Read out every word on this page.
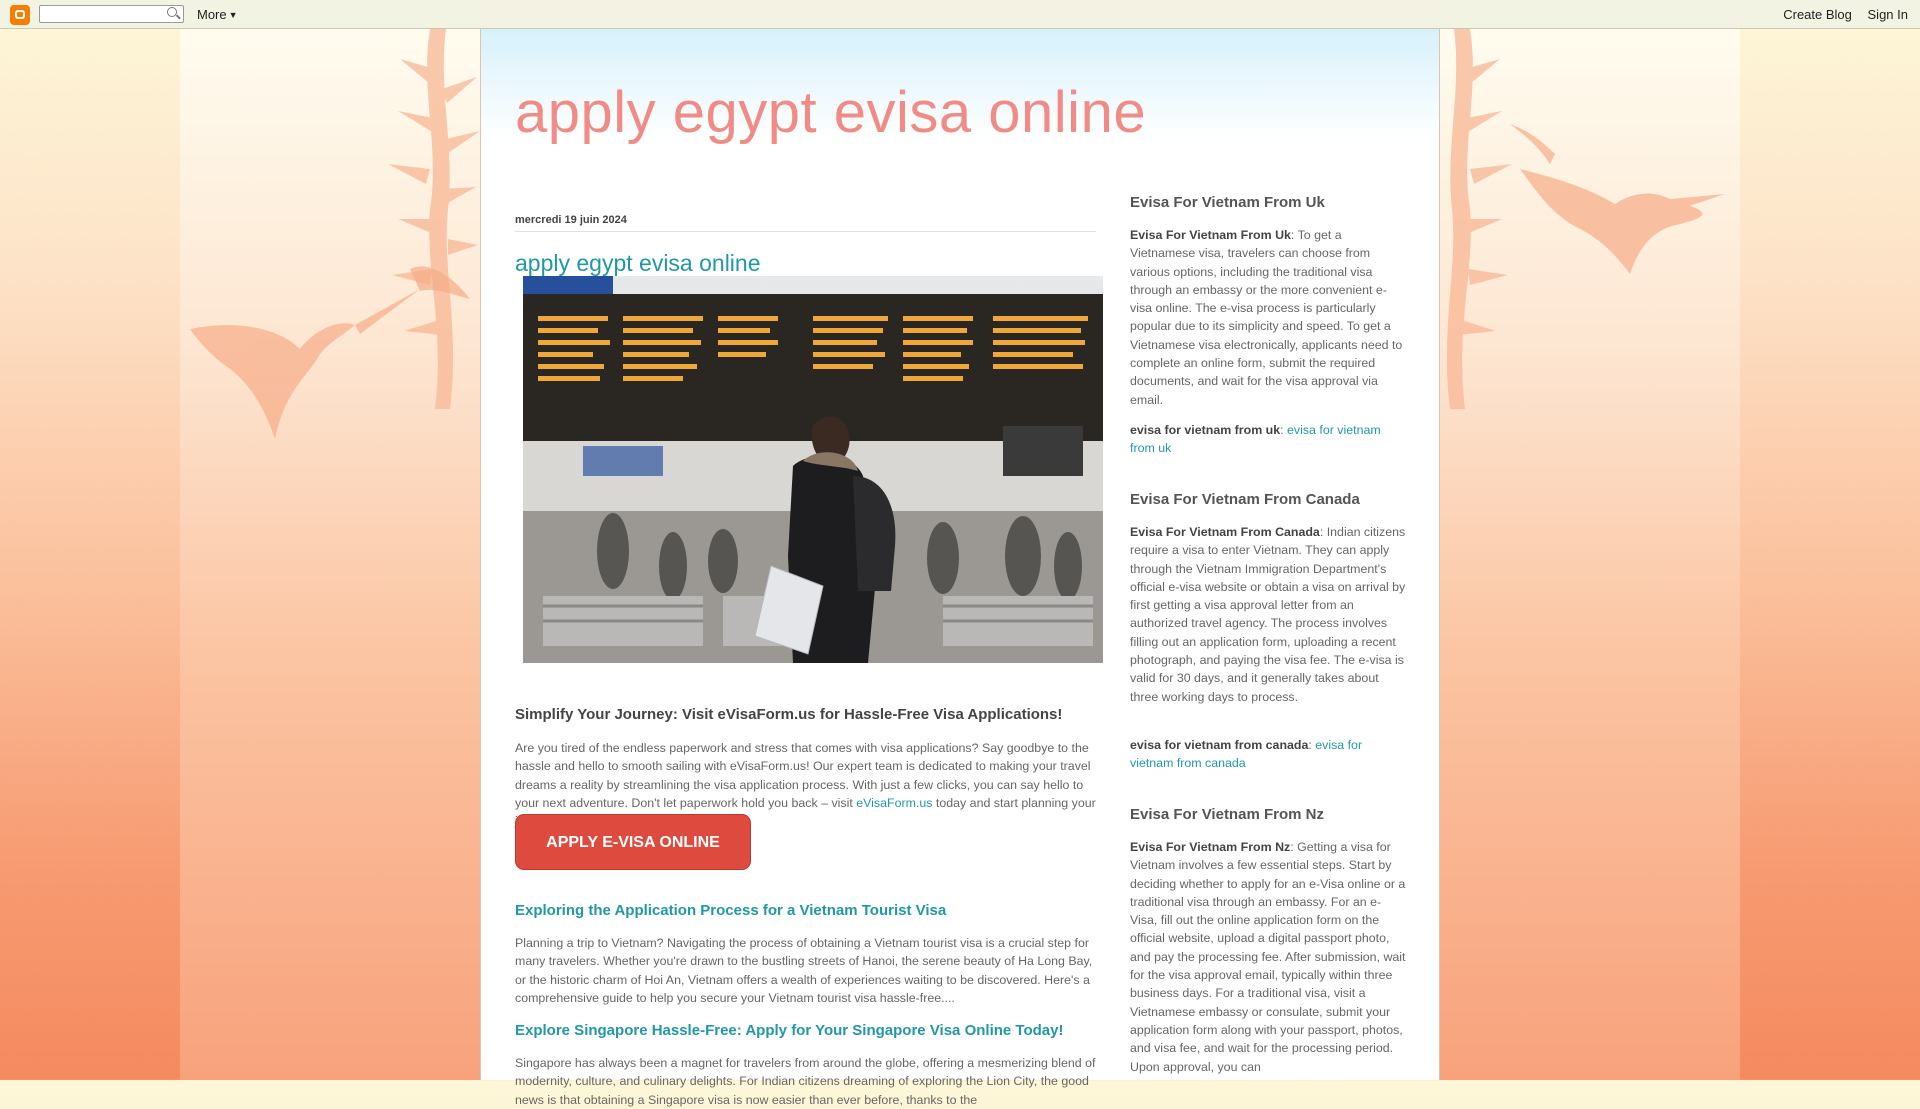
More ▼	Create Blog Sign In
apply egypt evisa online
mercredi 19 juin 2024
apply egypt evisa online
Simplify Your Journey: Visit eVisaForm.us for Hassle-Free Visa Applications!

Are you tired of the endless paperwork and stress that comes with visa applications? Say goodbye to the hassle and hello to smooth sailing with eVisaForm.us! Our expert team is dedicated to making your travel dreams a reality by streamlining the visa application process. With just a few clicks, you can say hello to your next adventure. Don't let paperwork hold you back – visit eVisaForm.us today and start planning your

APPLY E-VISA ONLINE
Exploring the Application Process for a Vietnam Tourist Visa

Planning a trip to Vietnam? Navigating the process of obtaining a Vietnam tourist visa is a crucial step for many travelers. Whether you're drawn to the bustling streets of Hanoi, the serene beauty of Ha Long Bay, or the historic charm of Hoi An, Vietnam offers a wealth of experiences waiting to be discovered. Here's a comprehensive guide to help you secure your Vietnam tourist visa hassle-free....

Explore Singapore Hassle-Free: Apply for Your Singapore Visa Online Today!

Singapore has always been a magnet for travelers from around the globe, offering a mesmerizing blend of modernity, culture, and culinary delights. For Indian citizens dreaming of exploring the Lion City, the good news is that obtaining a Singapore visa is now easier than ever before, thanks to the

Evisa For Vietnam From Uk

Evisa For Vietnam From Uk: To get a Vietnamese visa, travelers can choose from various options, including the traditional visa through an embassy or the more convenient e-visa online. The e-visa process is particularly popular due to its simplicity and speed. To get a Vietnamese visa electronically, applicants need to complete an online form, submit the required documents, and wait for the visa approval via email.

evisa for vietnam from uk: evisa for vietnam from uk

Evisa For Vietnam From Canada

Evisa For Vietnam From Canada: Indian citizens require a visa to enter Vietnam. They can apply through the Vietnam Immigration Department's official e-visa website or obtain a visa on arrival by first getting a visa approval letter from an authorized travel agency. The process involves filling out an application form, uploading a recent photograph, and paying the visa fee. The e-visa is valid for 30 days, and it generally takes about three working days to process.

evisa for vietnam from canada: evisa for vietnam from canada

Evisa For Vietnam From Nz

Evisa For Vietnam From Nz: Getting a visa for Vietnam involves a few essential steps. Start by deciding whether to apply for an e-Visa online or a traditional visa through an embassy. For an e-Visa, fill out the online application form on the official website, upload a digital passport photo, and pay the processing fee. After submission, wait for the visa approval email, typically within three business days. For a traditional visa, visit a Vietnamese embassy or consulate, submit your application form along with your passport, photos, and visa fee, and wait for the processing period. Upon approval, you can
